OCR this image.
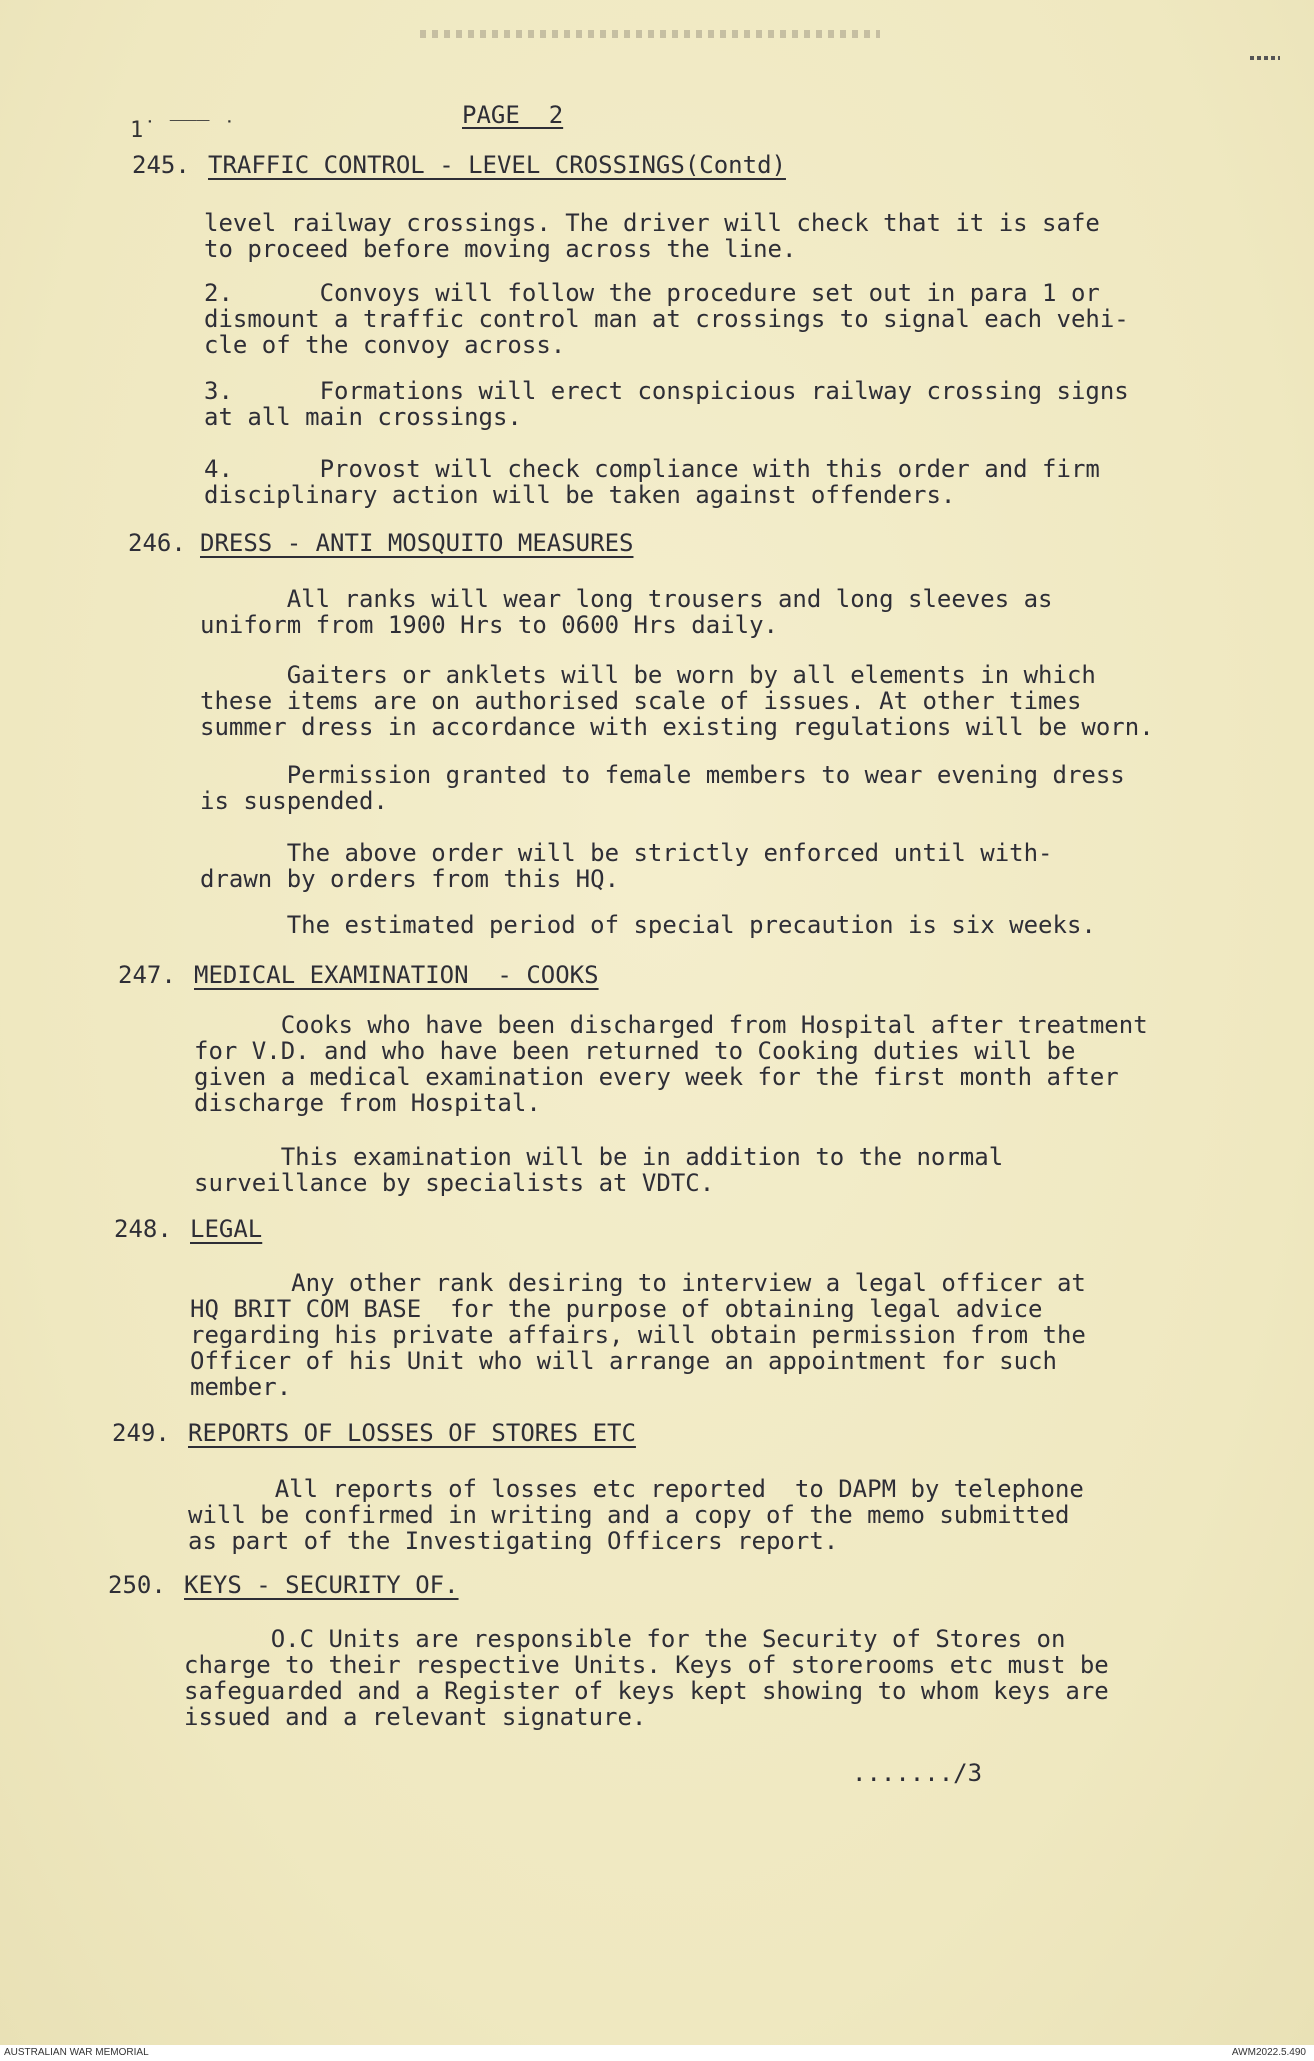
1˙ ‾‾‾ ˙
PAGE  2
245. TRAFFIC CONTROL - LEVEL CROSSINGS(Contd)
level railway crossings. The driver will check that it is safe
to proceed before moving across the line.
2.      Convoys will follow the procedure set out in para 1 or
dismount a traffic control man at crossings to signal each vehi-
cle of the convoy across.
3.      Formations will erect conspicious railway crossing signs
at all main crossings.
4.      Provost will check compliance with this order and firm
disciplinary action will be taken against offenders.
246. DRESS - ANTI MOSQUITO MEASURES
All ranks will wear long trousers and long sleeves as
uniform from 1900 Hrs to 0600 Hrs daily.
Gaiters or anklets will be worn by all elements in which
these items are on authorised scale of issues. At other times
summer dress in accordance with existing regulations will be worn.
Permission granted to female members to wear evening dress
is suspended.
The above order will be strictly enforced until with-
drawn by orders from this HQ.
The estimated period of special precaution is six weeks.
247. MEDICAL EXAMINATION  - COOKS
Cooks who have been discharged from Hospital after treatment
for V.D. and who have been returned to Cooking duties will be
given a medical examination every week for the first month after
discharge from Hospital.
This examination will be in addition to the normal
surveillance by specialists at VDTC.
248. LEGAL
Any other rank desiring to interview a legal officer at
HQ BRIT COM BASE  for the purpose of obtaining legal advice
regarding his private affairs, will obtain permission from the
Officer of his Unit who will arrange an appointment for such
member.
249. REPORTS OF LOSSES OF STORES ETC
All reports of losses etc reported  to DAPM by telephone
will be confirmed in writing and a copy of the memo submitted
as part of the Investigating Officers report.
250. KEYS - SECURITY OF.
O.C Units are responsible for the Security of Stores on
charge to their respective Units. Keys of storerooms etc must be
safeguarded and a Register of keys kept showing to whom keys are
issued and a relevant signature.
......./3
AUSTRALIAN WAR MEMORIAL	AWM2022.5.490
